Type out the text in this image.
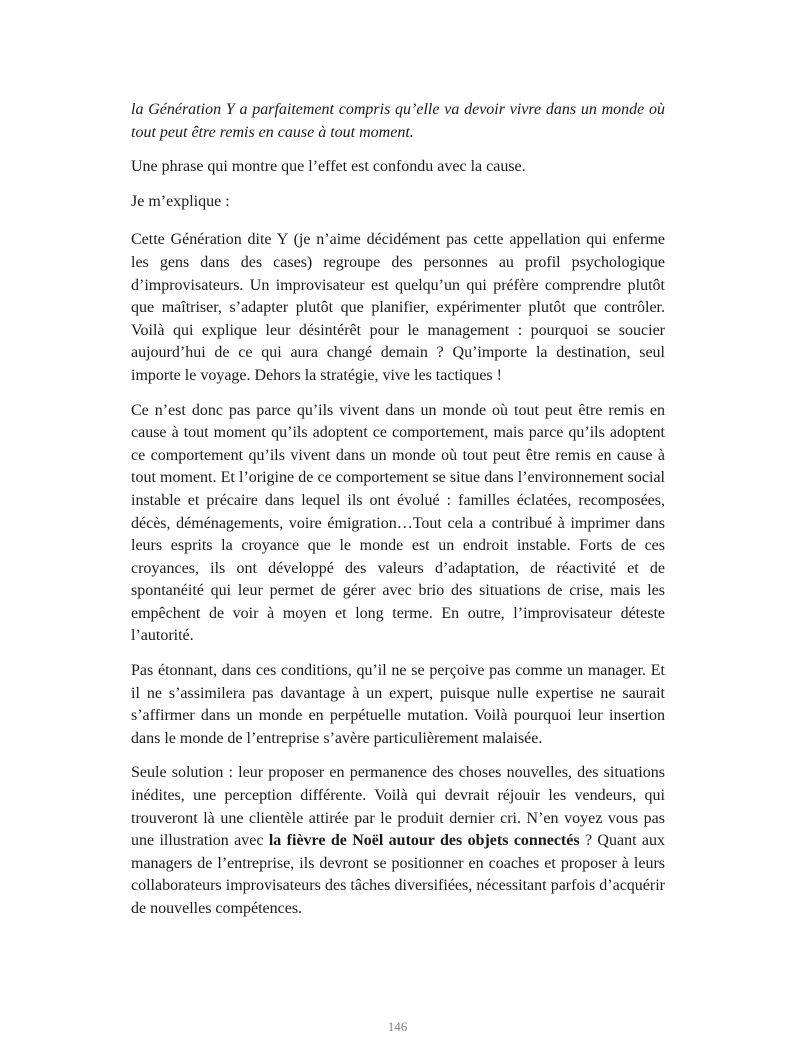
la Génération Y a parfaitement compris qu’elle va devoir vivre dans un monde où tout peut être remis en cause à tout moment.

Une phrase qui montre que l’effet est confondu avec la cause.

Je m’explique :

Cette Génération dite Y (je n’aime décidément pas cette appellation qui enferme les gens dans des cases) regroupe des personnes au profil psychologique d’improvisateurs. Un improvisateur est quelqu’un qui préfère comprendre plutôt que maîtriser, s’adapter plutôt que planifier, expérimenter plutôt que contrôler. Voilà qui explique leur désintérêt pour le management : pourquoi se soucier aujourd’hui de ce qui aura changé demain ? Qu’importe la destination, seul importe le voyage. Dehors la stratégie, vive les tactiques !

Ce n’est donc pas parce qu’ils vivent dans un monde où tout peut être remis en cause à tout moment qu’ils adoptent ce comportement, mais parce qu’ils adoptent ce comportement qu’ils vivent dans un monde où tout peut être remis en cause à tout moment. Et l’origine de ce comportement se situe dans l’environnement social instable et précaire dans lequel ils ont évolué : familles éclatées, recomposées, décès, déménagements, voire émigration…Tout cela a contribué à imprimer dans leurs esprits la croyance que le monde est un endroit instable. Forts de ces croyances, ils ont développé des valeurs d’adaptation, de réactivité et de spontanéité qui leur permet de gérer avec brio des situations de crise, mais les empêchent de voir à moyen et long terme. En outre, l’improvisateur déteste l’autorité.

Pas étonnant, dans ces conditions, qu’il ne se perçoive pas comme un manager. Et il ne s’assimilera pas davantage à un expert, puisque nulle expertise ne saurait s’affirmer dans un monde en perpétuelle mutation. Voilà pourquoi leur insertion dans le monde de l’entreprise s’avère particulièrement malaisée.

Seule solution : leur proposer en permanence des choses nouvelles, des situations inédites, une perception différente. Voilà qui devrait réjouir les vendeurs, qui trouveront là une clientèle attirée par le produit dernier cri. N’en voyez vous pas une illustration avec la fièvre de Noël autour des objets connectés ? Quant aux managers de l’entreprise, ils devront se positionner en coaches et proposer à leurs collaborateurs improvisateurs des tâches diversifiées, nécessitant parfois d’acquérir de nouvelles compétences.

146
